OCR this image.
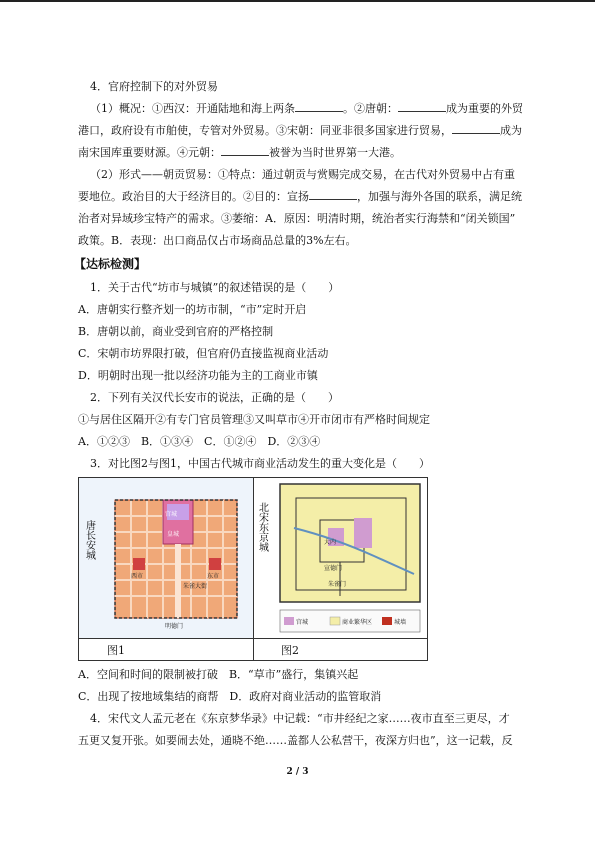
4．官府控制下的对外贸易

（1）概况：①西汉：开通陆地和海上两条	。②唐朝：	成为重要的外贸

港口，政府设有市舶使，专管对外贸易。③宋朝：同亚非很多国家进行贸易，	成为

南宋国库重要财源。④元朝：	被誉为当时世界第一大港。

（2）形式——朝贡贸易：①特点：通过朝贡与赏赐完成交易，在古代对外贸易中占有重

要地位。政治目的大于经济目的。②目的：宣扬	，加强与海外各国的联系，满足统

治者对异域珍宝特产的需求。③萎缩：A．原因：明清时期，统治者实行海禁和“闭关锁国”

政策。B．表现：出口商品仅占市场商品总量的3%左右。

【达标检测】

1．关于古代“坊市与城镇”的叙述错误的是（　　）

A．唐朝实行整齐划一的坊市制，“市”定时开启

B．唐朝以前，商业受到官府的严格控制

C．宋朝市坊界限打破，但官府仍直接监视商业活动

D．明朝时出现一批以经济功能为主的工商业市镇

2．下列有关汉代长安市的说法，正确的是（　　）

①与居住区隔开②有专门官员管理③又叫草市④开市闭市有严格时间规定

A．①②③　B．①③④　C．①②④　D．②③④

3．对比图2与图1，中国古代城市商业活动发生的重大变化是（　　）

唐长安城
宫城
皇城
东市
西市
朱雀大街
明德门
北宋东京城	大内
宣德门
朱雀门
宫城	商业繁华区	城墙
图1	图2

A．空间和时间的限制被打破　B．“草市”盛行，集镇兴起

C．出现了按地域集结的商帮　D．政府对商业活动的监管取消

4．宋代文人孟元老在《东京梦华录》中记载：“市井经纪之家……夜市直至三更尽，才

五更又复开张。如要闹去处，通晓不绝……盖都人公私营干，夜深方归也”，这一记载，反

2 / 3
